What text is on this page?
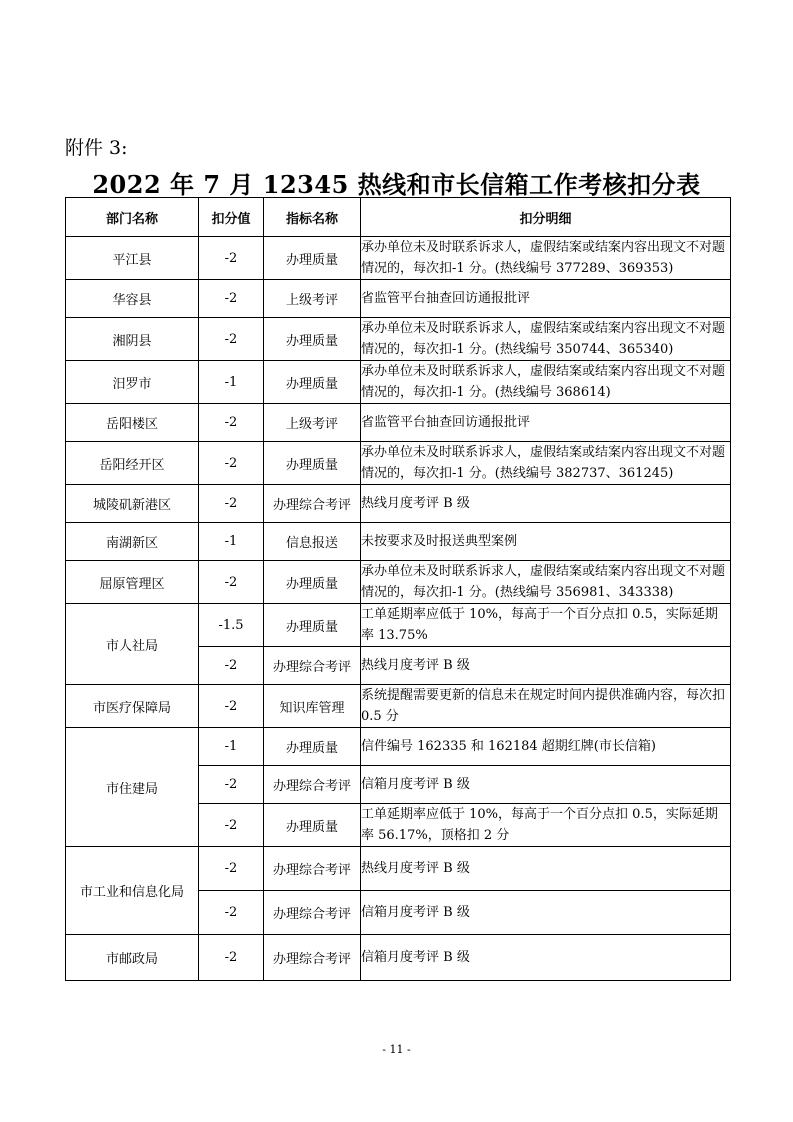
附件 3:
2022 年 7 月 12345 热线和市长信箱工作考核扣分表
部门名称	扣分值	指标名称	扣分明细
平江县	-2	办理质量	承办单位未及时联系诉求人，虚假结案或结案内容出现文不对题情况的，每次扣-1 分。(热线编号 377289、369353)
华容县	-2	上级考评	省监管平台抽查回访通报批评
湘阴县	-2	办理质量	承办单位未及时联系诉求人，虚假结案或结案内容出现文不对题情况的，每次扣-1 分。(热线编号 350744、365340)
汨罗市	-1	办理质量	承办单位未及时联系诉求人，虚假结案或结案内容出现文不对题情况的，每次扣-1 分。(热线编号 368614)
岳阳楼区	-2	上级考评	省监管平台抽查回访通报批评
岳阳经开区	-2	办理质量	承办单位未及时联系诉求人，虚假结案或结案内容出现文不对题情况的，每次扣-1 分。(热线编号 382737、361245)
城陵矶新港区	-2	办理综合考评	热线月度考评 B 级
南湖新区	-1	信息报送	未按要求及时报送典型案例
屈原管理区	-2	办理质量	承办单位未及时联系诉求人，虚假结案或结案内容出现文不对题情况的，每次扣-1 分。(热线编号 356981、343338)
市人社局	-1.5	办理质量	工单延期率应低于 10%，每高于一个百分点扣 0.5，实际延期率 13.75%
	-2	办理综合考评	热线月度考评 B 级
市医疗保障局	-2	知识库管理	系统提醒需要更新的信息未在规定时间内提供准确内容，每次扣 0.5 分
市住建局	-1	办理质量	信件编号 162335 和 162184 超期红牌(市长信箱)
	-2	办理综合考评	信箱月度考评 B 级
	-2	办理质量	工单延期率应低于 10%，每高于一个百分点扣 0.5，实际延期率 56.17%，顶格扣 2 分
市工业和信息化局	-2	办理综合考评	热线月度考评 B 级
	-2	办理综合考评	信箱月度考评 B 级
市邮政局	-2	办理综合考评	信箱月度考评 B 级
- 11 -
